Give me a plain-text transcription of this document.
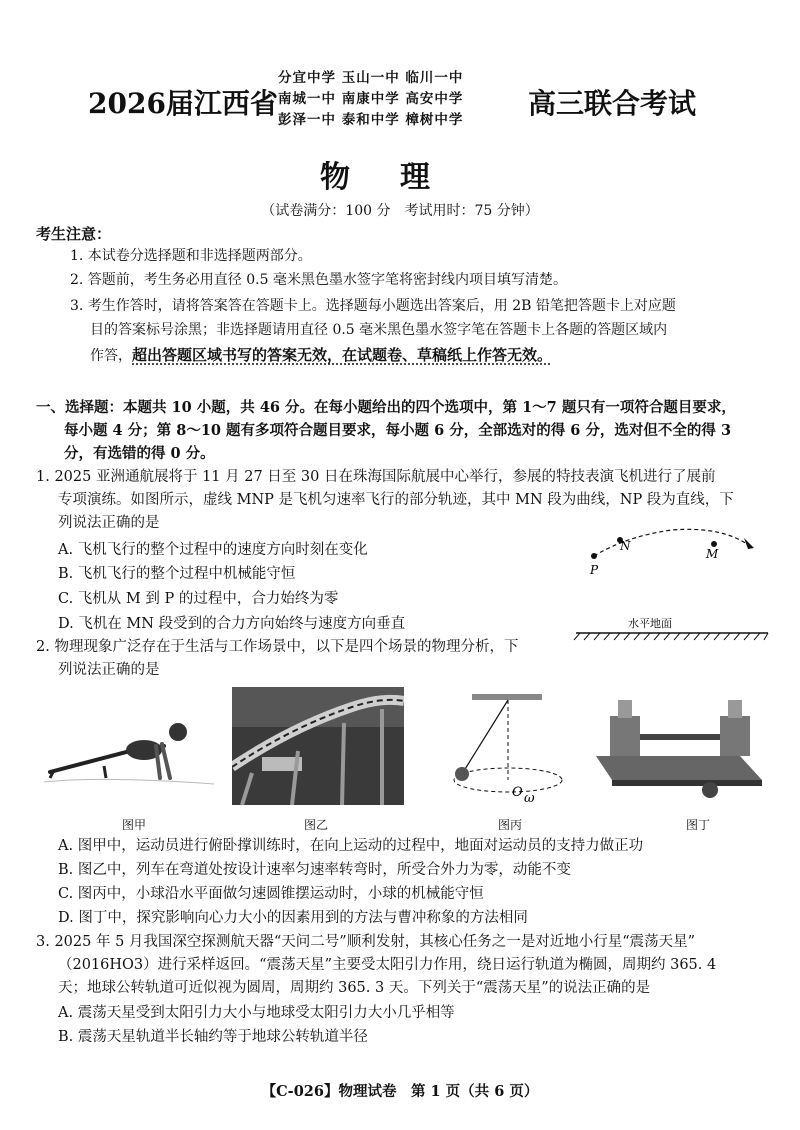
2026届江西省
分宜中学 玉山一中 临川一中
南城一中 南康中学 高安中学
彭泽一中 泰和中学 樟树中学	高三联合考试
物理
（试卷满分：100 分　考试用时：75 分钟）
考生注意：
1. 本试卷分选择题和非选择题两部分。
2. 答题前，考生务必用直径 0.5 毫米黑色墨水签字笔将密封线内项目填写清楚。
3. 考生作答时，请将答案答在答题卡上。选择题每小题选出答案后，用 2B 铅笔把答题卡上对应题
目的答案标号涂黑；非选择题请用直径 0.5 毫米黑色墨水签字笔在答题卡上各题的答题区域内
作答，超出答题区域书写的答案无效，在试题卷、草稿纸上作答无效。
一、选择题：本题共 10 小题，共 46 分。在每小题给出的四个选项中，第 1～7 题只有一项符合题目要求，
每小题 4 分；第 8～10 题有多项符合题目要求，每小题 6 分，全部选对的得 6 分，选对但不全的得 3
分，有选错的得 0 分。
1. 2025 亚洲通航展将于 11 月 27 日至 30 日在珠海国际航展中心举行，参展的特技表演飞机进行了展前
专项演练。如图所示，虚线 MNP 是飞机匀速率飞行的部分轨迹，其中 MN 段为曲线，NP 段为直线，下
列说法正确的是
A. 飞机飞行的整个过程中的速度方向时刻在变化
B. 飞机飞行的整个过程中机械能守恒
C. 飞机从 M 到 P 的过程中，合力始终为零
D. 飞机在 MN 段受到的合力方向始终与速度方向垂直
P
N
M
水平地面
2. 物理现象广泛存在于生活与工作场景中，以下是四个场景的物理分析，下
列说法正确的是
图甲	图乙
O ω
图丙	图丁
A. 图甲中，运动员进行俯卧撑训练时，在向上运动的过程中，地面对运动员的支持力做正功
B. 图乙中，列车在弯道处按设计速率匀速率转弯时，所受合外力为零，动能不变
C. 图丙中，小球沿水平面做匀速圆锥摆运动时，小球的机械能守恒
D. 图丁中，探究影响向心力大小的因素用到的方法与曹冲称象的方法相同
3. 2025 年 5 月我国深空探测航天器“天问二号”顺利发射，其核心任务之一是对近地小行星“震荡天星”
（2016HO3）进行采样返回。“震荡天星”主要受太阳引力作用，绕日运行轨道为椭圆，周期约 365. 4
天；地球公转轨道可近似视为圆周，周期约 365. 3 天。下列关于“震荡天星”的说法正确的是
A. 震荡天星受到太阳引力大小与地球受太阳引力大小几乎相等
B. 震荡天星轨道半长轴约等于地球公转轨道半径
【C-026】物理试卷　第 1 页（共 6 页）
